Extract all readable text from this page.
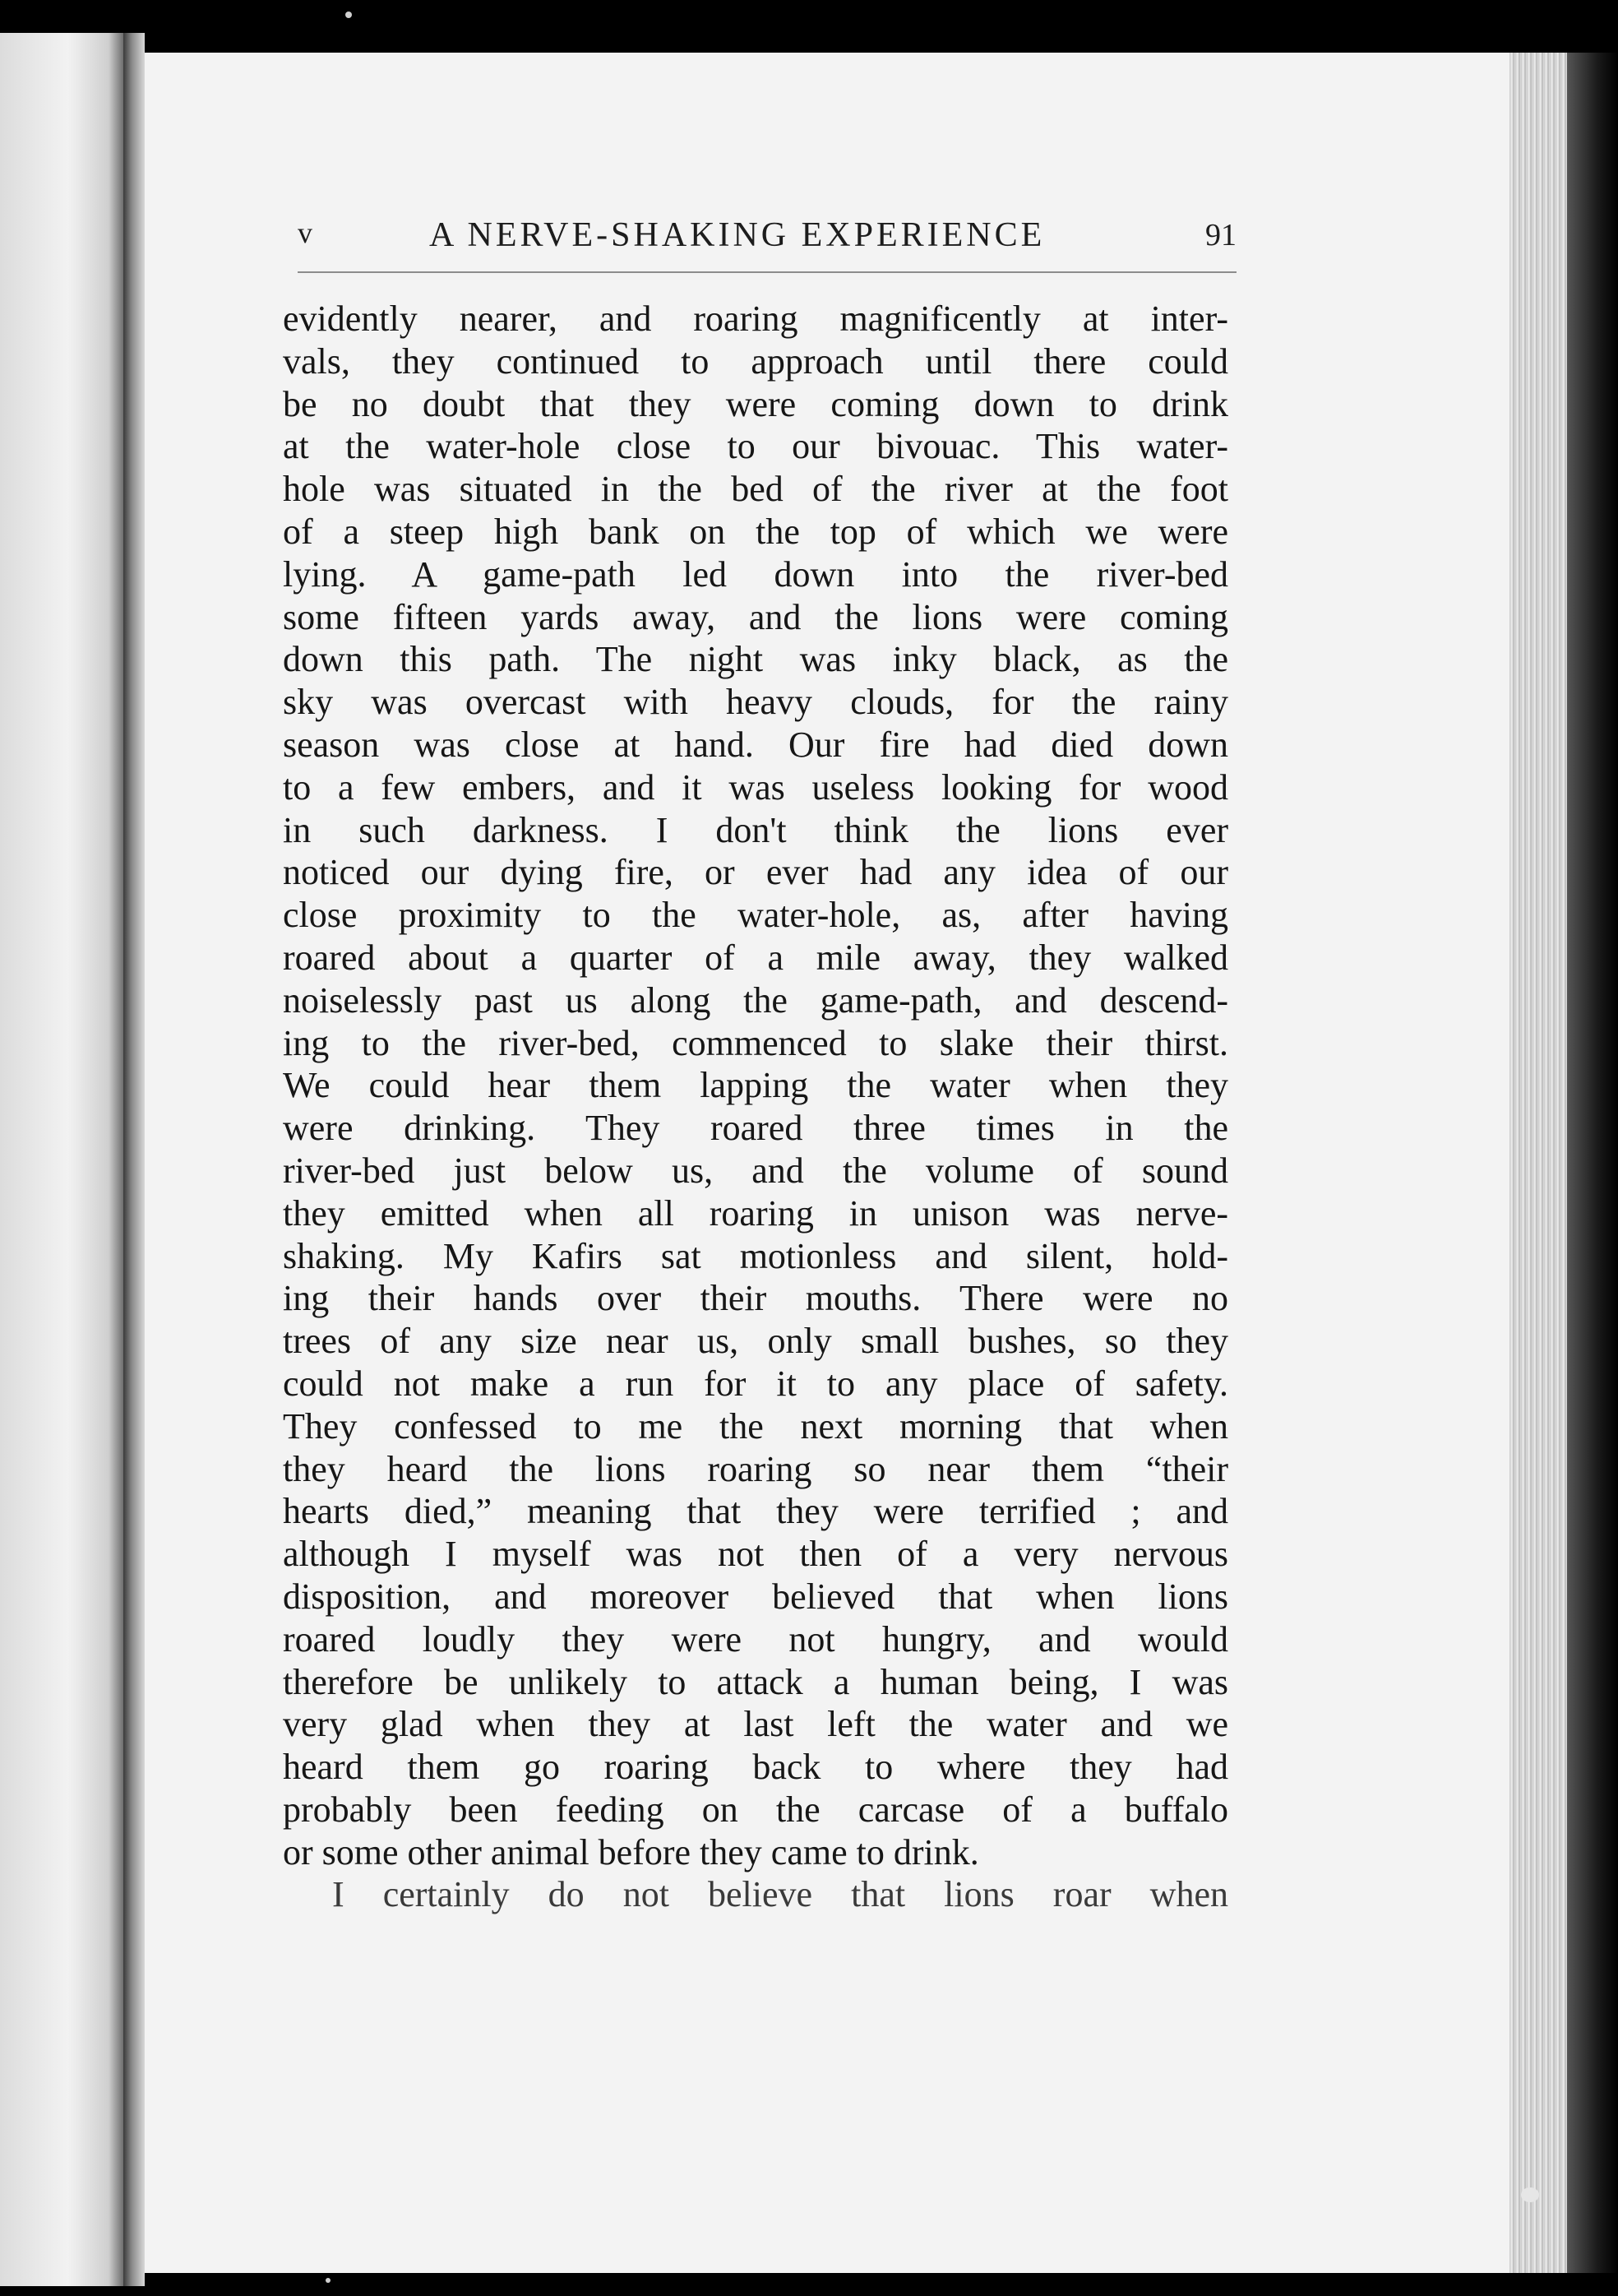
v	A NERVE-SHAKING EXPERIENCE	91
evidently nearer, and roaring magnificently at inter-
vals, they continued to approach until there could
be no doubt that they were coming down to drink
at the water-hole close to our bivouac. This water-
hole was situated in the bed of the river at the foot
of a steep high bank on the top of which we were
lying. A game-path led down into the river-bed
some fifteen yards away, and the lions were coming
down this path. The night was inky black, as the
sky was overcast with heavy clouds, for the rainy
season was close at hand. Our fire had died down
to a few embers, and it was useless looking for wood
in such darkness. I don't think the lions ever
noticed our dying fire, or ever had any idea of our
close proximity to the water-hole, as, after having
roared about a quarter of a mile away, they walked
noiselessly past us along the game-path, and descend-
ing to the river-bed, commenced to slake their thirst.
We could hear them lapping the water when they
were drinking. They roared three times in the
river-bed just below us, and the volume of sound
they emitted when all roaring in unison was nerve-
shaking. My Kafirs sat motionless and silent, hold-
ing their hands over their mouths. There were no
trees of any size near us, only small bushes, so they
could not make a run for it to any place of safety.
They confessed to me the next morning that when
they heard the lions roaring so near them “their
hearts died,” meaning that they were terrified ; and
although I myself was not then of a very nervous
disposition, and moreover believed that when lions
roared loudly they were not hungry, and would
therefore be unlikely to attack a human being, I was
very glad when they at last left the water and we
heard them go roaring back to where they had
probably been feeding on the carcase of a buffalo
or some other animal before they came to drink.
I certainly do not believe that lions roar when
